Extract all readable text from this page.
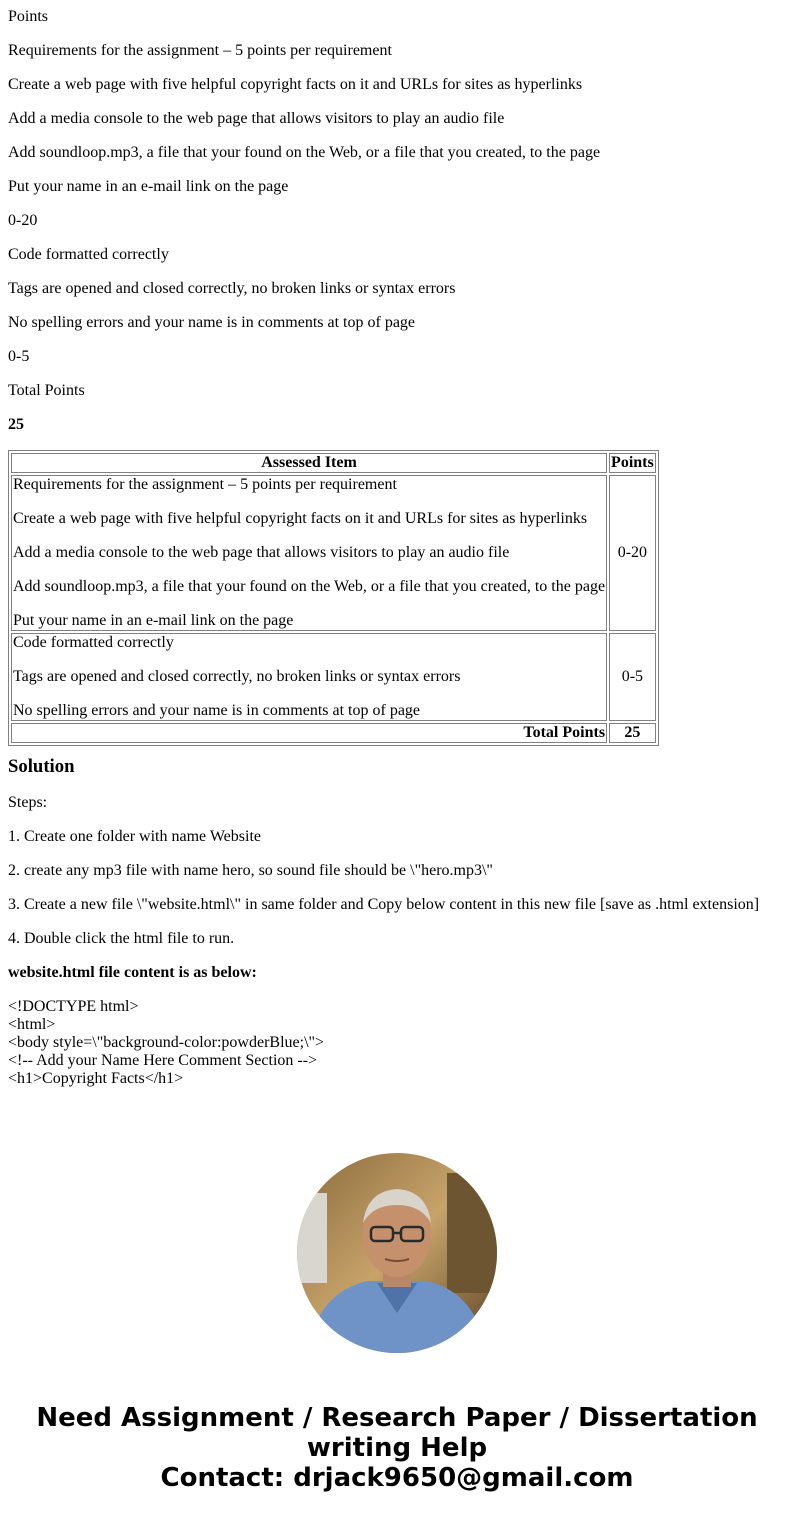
Points

Requirements for the assignment – 5 points per requirement

Create a web page with five helpful copyright facts on it and URLs for sites as hyperlinks

Add a media console to the web page that allows visitors to play an audio file

Add soundloop.mp3, a file that your found on the Web, or a file that you created, to the page

Put your name in an e-mail link on the page

0-20

Code formatted correctly

Tags are opened and closed correctly, no broken links or syntax errors

No spelling errors and your name is in comments at top of page

0-5

Total Points

25

Assessed Item	Points

Requirements for the assignment – 5 points per requirement

Create a web page with five helpful copyright facts on it and URLs for sites as hyperlinks

Add a media console to the web page that allows visitors to play an audio file

Add soundloop.mp3, a file that your found on the Web, or a file that you created, to the page

Put your name in an e-mail link on the page	0-20

Code formatted correctly

Tags are opened and closed correctly, no broken links or syntax errors

No spelling errors and your name is in comments at top of page	0-5
Total Points	25
Solution

Steps:

1. Create one folder with name Website

2. create any mp3 file with name hero, so sound file should be \"hero.mp3\"

3. Create a new file \"website.html\" in same folder and Copy below content in this new file [save as .html extension]

4. Double click the html file to run.

website.html file content is as below:

<!DOCTYPE html>
<html>
<body style=\"background-color:powderBlue;\">
<!-- Add your Name Here Comment Section -->
<h1>Copyright Facts</h1>
Need Assignment / Research Paper / Dissertation
writing Help
Contact: drjack9650@gmail.com
